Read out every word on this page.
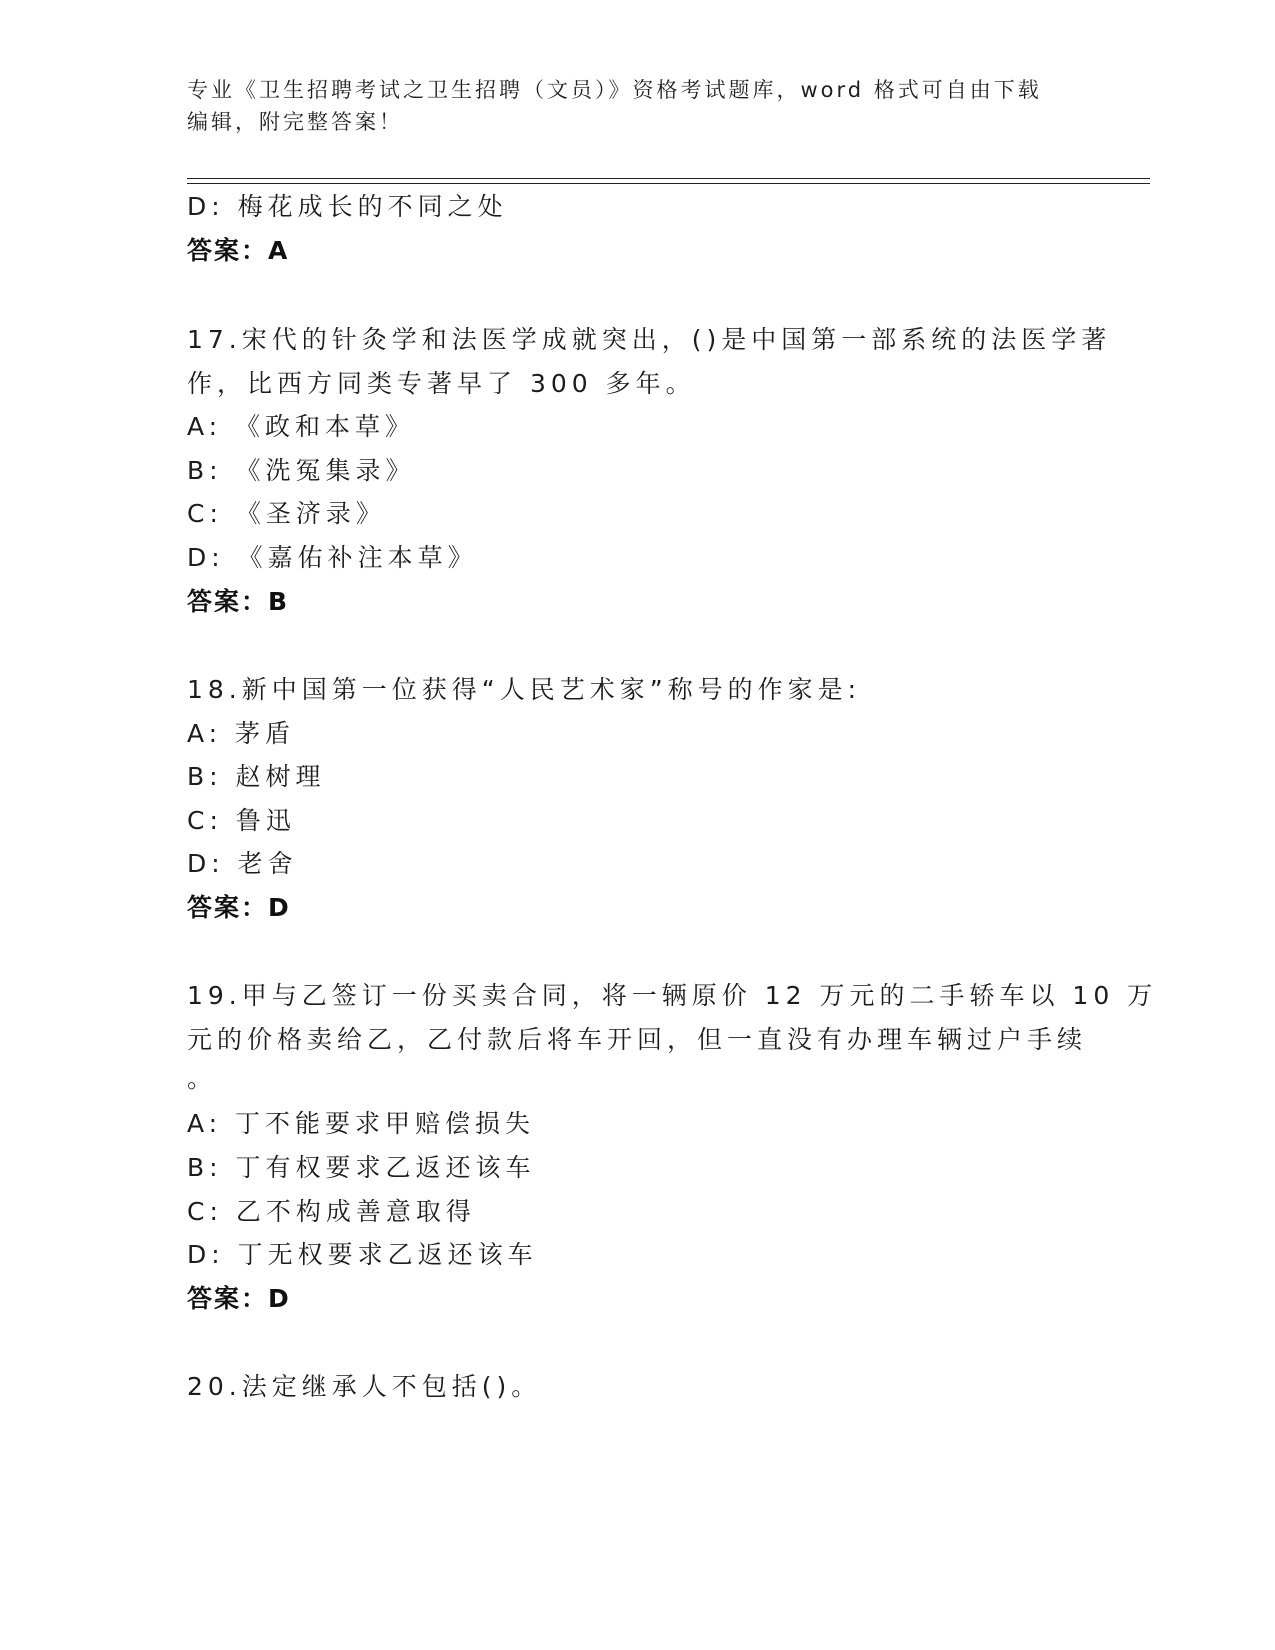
专业《卫生招聘考试之卫生招聘（文员）》资格考试题库，word 格式可自由下载
编辑，附完整答案！
D: 梅花成长的不同之处
答案：A
17.宋代的针灸学和法医学成就突出，()是中国第一部系统的法医学著
作，比西方同类专著早了 300 多年。
A: 《政和本草》
B: 《洗冤集录》
C: 《圣济录》
D: 《嘉佑补注本草》
答案：B
18.新中国第一位获得“人民艺术家”称号的作家是:
A: 茅盾
B: 赵树理
C: 鲁迅
D: 老舍
答案：D
19.甲与乙签订一份买卖合同，将一辆原价 12 万元的二手轿车以 10 万
元的价格卖给乙，乙付款后将车开回，但一直没有办理车辆过户手续
。
A: 丁不能要求甲赔偿损失
B: 丁有权要求乙返还该车
C: 乙不构成善意取得
D: 丁无权要求乙返还该车
答案：D
20.法定继承人不包括()。
